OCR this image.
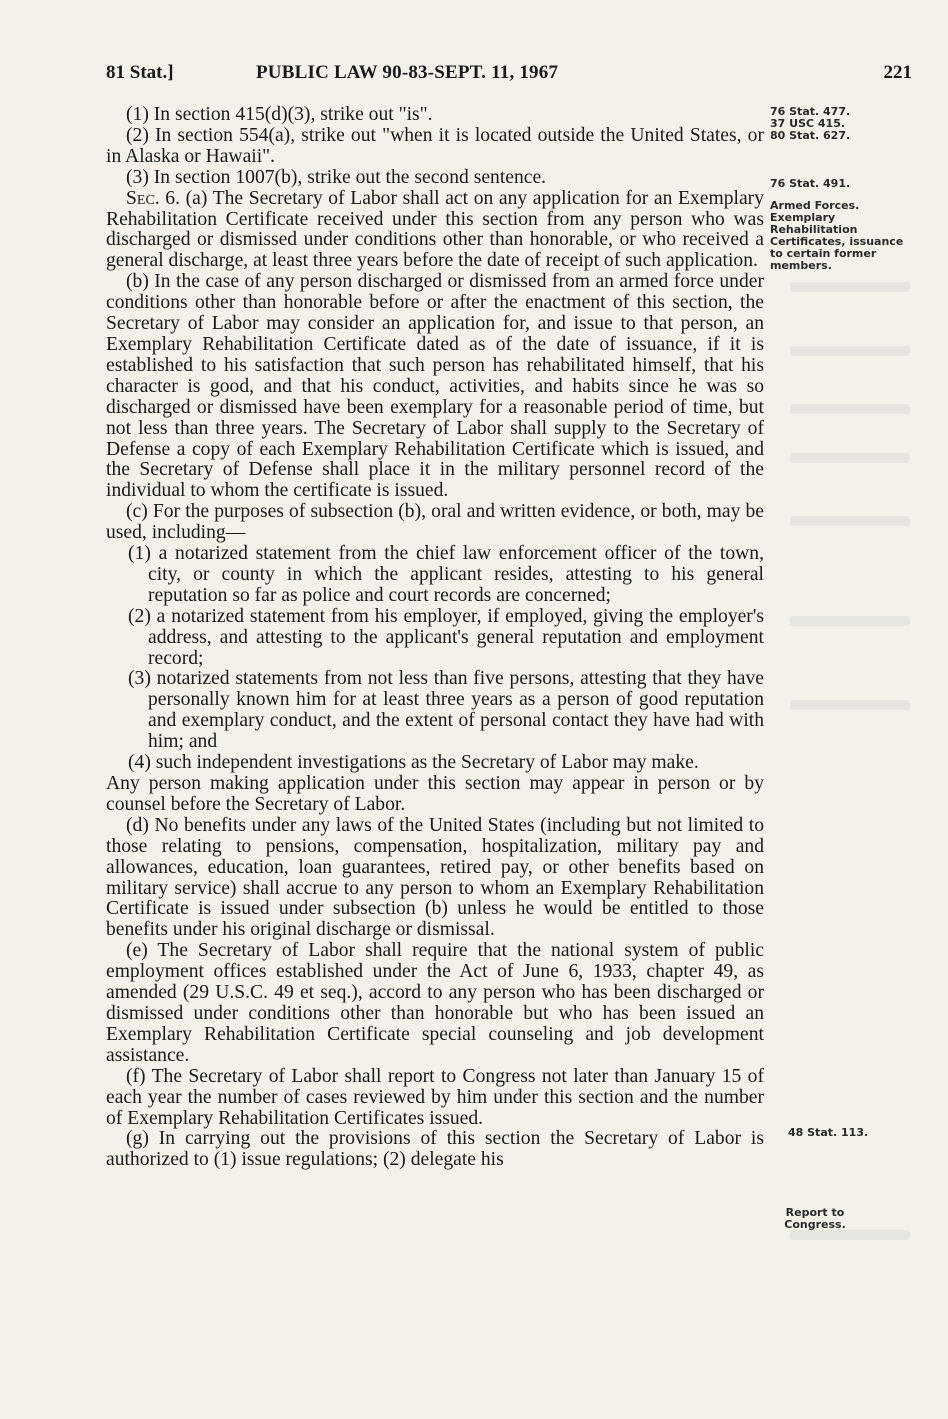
81 Stat.]	PUBLIC LAW 90-83-SEPT. 11, 1967	221

(1) In section 415(d)(3), strike out "is".

(2) In section 554(a), strike out "when it is located outside the United States, or in Alaska or Hawaii".

(3) In section 1007(b), strike out the second sentence.

Sec. 6. (a) The Secretary of Labor shall act on any application for an Exemplary Rehabilitation Certificate received under this section from any person who was discharged or dismissed under conditions other than honorable, or who received a general discharge, at least three years before the date of receipt of such application.

(b) In the case of any person discharged or dismissed from an armed force under conditions other than honorable before or after the enactment of this section, the Secretary of Labor may consider an application for, and issue to that person, an Exemplary Rehabilitation Certificate dated as of the date of issuance, if it is established to his satisfaction that such person has rehabilitated himself, that his character is good, and that his conduct, activities, and habits since he was so discharged or dismissed have been exemplary for a reasonable period of time, but not less than three years. The Secretary of Labor shall supply to the Secretary of Defense a copy of each Exemplary Rehabilitation Certificate which is issued, and the Secretary of Defense shall place it in the military personnel record of the individual to whom the certificate is issued.

(c) For the purposes of subsection (b), oral and written evidence, or both, may be used, including—

(1) a notarized statement from the chief law enforcement officer of the town, city, or county in which the applicant resides, attesting to his general reputation so far as police and court records are concerned;

(2) a notarized statement from his employer, if employed, giving the employer's address, and attesting to the applicant's general reputation and employment record;

(3) notarized statements from not less than five persons, attesting that they have personally known him for at least three years as a person of good reputation and exemplary conduct, and the extent of personal contact they have had with him; and

(4) such independent investigations as the Secretary of Labor may make.

Any person making application under this section may appear in person or by counsel before the Secretary of Labor.

(d) No benefits under any laws of the United States (including but not limited to those relating to pensions, compensation, hospitalization, military pay and allowances, education, loan guarantees, retired pay, or other benefits based on military service) shall accrue to any person to whom an Exemplary Rehabilitation Certificate is issued under subsection (b) unless he would be entitled to those benefits under his original discharge or dismissal.

(e) The Secretary of Labor shall require that the national system of public employment offices established under the Act of June 6, 1933, chapter 49, as amended (29 U.S.C. 49 et seq.), accord to any person who has been discharged or dismissed under conditions other than honorable but who has been issued an Exemplary Rehabilitation Certificate special counseling and job development assistance.

(f) The Secretary of Labor shall report to Congress not later than January 15 of each year the number of cases reviewed by him under this section and the number of Exemplary Rehabilitation Certificates issued.

(g) In carrying out the provisions of this section the Secretary of Labor is authorized to (1) issue regulations; (2) delegate his

76 Stat. 477.
37 USC 415.
80 Stat. 627.
76 Stat. 491.
Armed Forces.
Exemplary Rehabilitation Certificates, issuance to certain former members.
48 Stat. 113.
Report to Congress.
